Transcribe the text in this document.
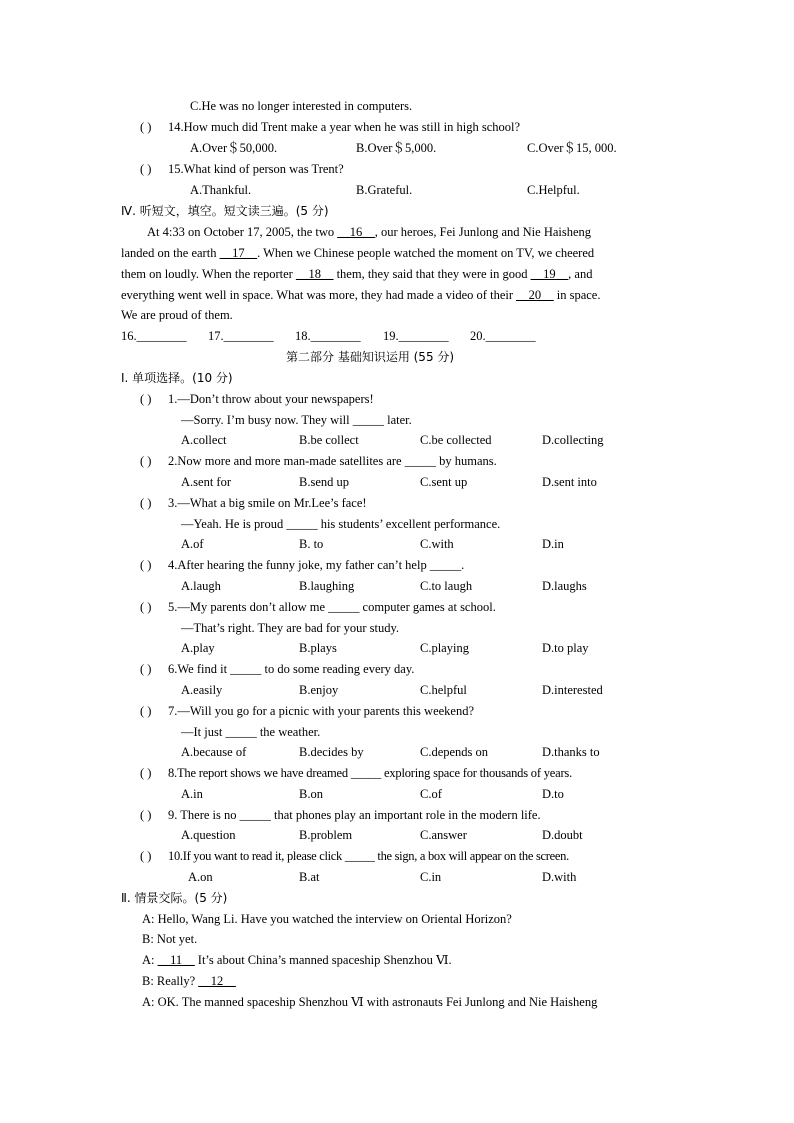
C.He was no longer interested in computers.
( ) 14.How much did Trent make a year when he was still in high school?
A.Over＄50,000.	B.Over＄5,000.	C.Over＄15, 000.
( ) 15.What kind of person was Trent?
A.Thankful.	B.Grateful.	C.Helpful.
Ⅳ. 听短文，填空。短文读三遍。(5 分)
At 4:33 on October 17, 2005, the two __16__, our heroes, Fei Junlong and Nie Haisheng
landed on the earth __17__. When we Chinese people watched the moment on TV, we cheered
them on loudly. When the reporter __18__ them, they said that they were in good __19__, and
everything went well in space. What was more, they had made a video of their __20__ in space.
We are proud of them.
16.________ 17.________ 18.________ 19.________ 20.________
第二部分 基础知识运用 (55 分)
Ⅰ. 单项选择。(10 分)
( ) 1.—Don’t throw about your newspapers!
—Sorry. I’m busy now. They will _____ later.
A.collect	B.be collect	C.be collected	D.collecting
( ) 2.Now more and more man-made satellites are _____ by humans.
A.sent for	B.send up	C.sent up	D.sent into
( ) 3.—What a big smile on Mr.Lee’s face!
—Yeah. He is proud _____ his students’ excellent performance.
A.of	B. to	C.with	D.in
( ) 4.After hearing the funny joke, my father can’t help _____.
A.laugh	B.laughing	C.to laugh	D.laughs
( ) 5.—My parents don’t allow me _____ computer games at school.
—That’s right. They are bad for your study.
A.play	B.plays	C.playing	D.to play
( ) 6.We find it _____ to do some reading every day.
A.easily	B.enjoy	C.helpful	D.interested
( ) 7.—Will you go for a picnic with your parents this weekend?
—It just _____ the weather.
A.because of	B.decides by	C.depends on	D.thanks to
( ) 8.The report shows we have dreamed _____ exploring space for thousands of years.
A.in	B.on	C.of	D.to
( ) 9. There is no _____ that phones play an important role in the modern life.
A.question	B.problem	C.answer	D.doubt
( ) 10.If you want to read it, please click _____ the sign, a box will appear on the screen.
A.on	B.at	C.in	D.with
Ⅱ. 情景交际。(5 分)
A: Hello, Wang Li. Have you watched the interview on Oriental Horizon?
B: Not yet.
A: __11__ It’s about China’s manned spaceship Shenzhou Ⅵ.
B: Really? __12__
A: OK. The manned spaceship Shenzhou Ⅵ with astronauts Fei Junlong and Nie Haisheng
